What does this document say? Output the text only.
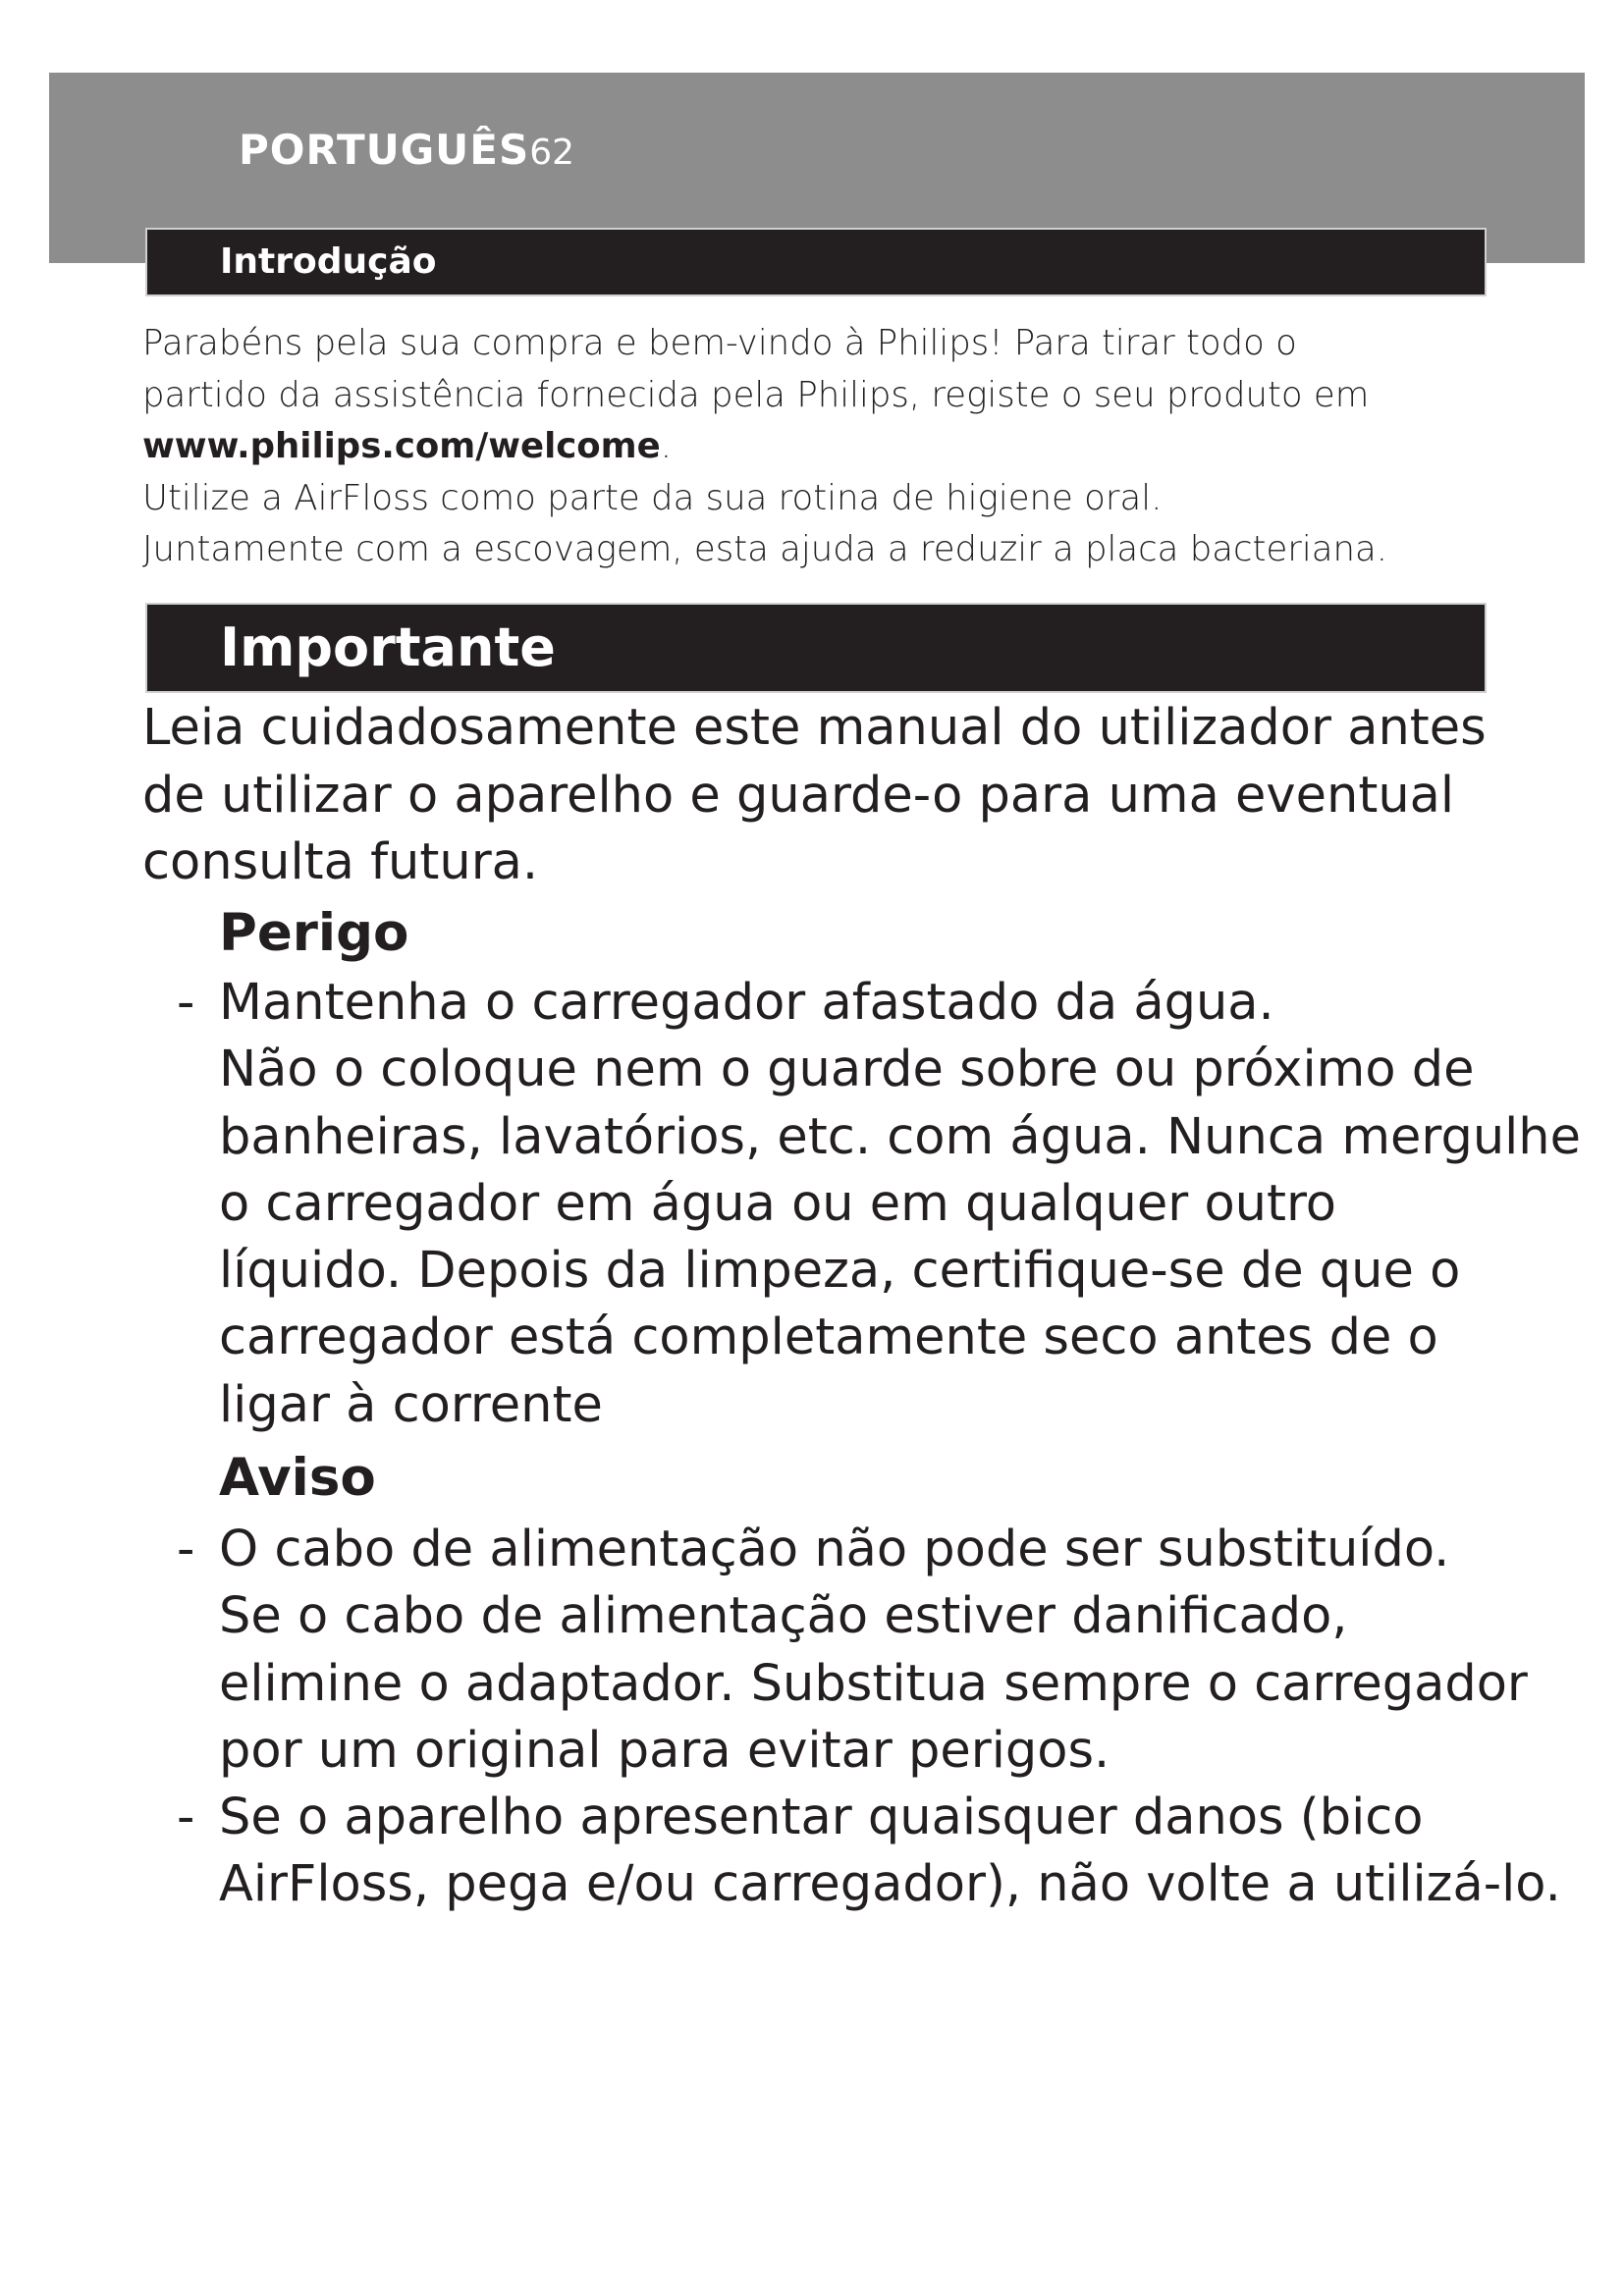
PORTUGUÊS62
Introdução

Parabéns pela sua compra e bem-vindo à Philips! Para tirar todo o

partido da assistência fornecida pela Philips, registe o seu produto em

www.philips.com/welcome.

Utilize a AirFloss como parte da sua rotina de higiene oral.

Juntamente com a escovagem, esta ajuda a reduzir a placa bacteriana.

Importante

Leia cuidadosamente este manual do utilizador antes

de utilizar o aparelho e guarde-o para uma eventual

consulta futura.

Perigo
- Mantenha o carregador afastado da água.
Não o coloque nem o guarde sobre ou próximo de
banheiras, lavatórios, etc. com água. Nunca mergulhe
o carregador em água ou em qualquer outro
líquido. Depois da limpeza, certifique-se de que o
carregador está completamente seco antes de o
ligar à corrente
Aviso
- O cabo de alimentação não pode ser substituído.
Se o cabo de alimentação estiver danificado,
elimine o adaptador. Substitua sempre o carregador
por um original para evitar perigos.
- Se o aparelho apresentar quaisquer danos (bico
AirFloss, pega e/ou carregador), não volte a utilizá-lo.
